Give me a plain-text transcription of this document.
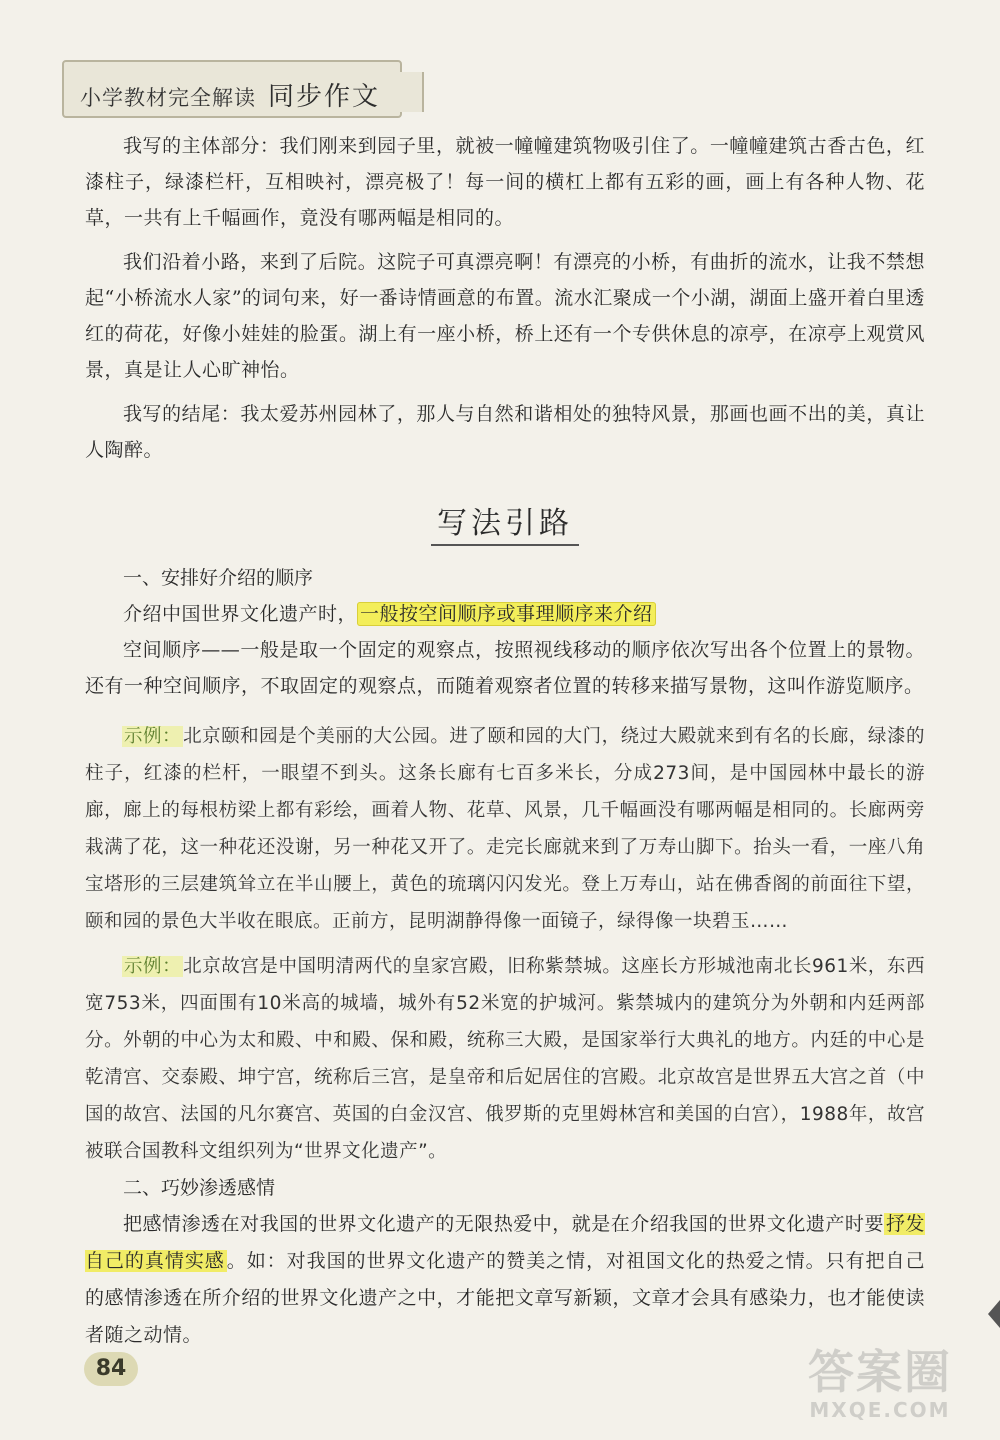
小学教材完全解读 同步作文

我写的主体部分：我们刚来到园子里，就被一幢幢建筑物吸引住了。一幢幢建筑古香古色，红漆柱子，绿漆栏杆，互相映衬，漂亮极了！每一间的横杠上都有五彩的画，画上有各种人物、花草，一共有上千幅画作，竟没有哪两幅是相同的。

我们沿着小路，来到了后院。这院子可真漂亮啊！有漂亮的小桥，有曲折的流水，让我不禁想起“小桥流水人家”的词句来，好一番诗情画意的布置。流水汇聚成一个小湖，湖面上盛开着白里透红的荷花，好像小娃娃的脸蛋。湖上有一座小桥，桥上还有一个专供休息的凉亭，在凉亭上观赏风景，真是让人心旷神怡。

我写的结尾：我太爱苏州园林了，那人与自然和谐相处的独特风景，那画也画不出的美，真让人陶醉。

写法引路
一、安排好介绍的顺序

介绍中国世界文化遗产时， 一般按空间顺序或事理顺序来介绍

空间顺序——一般是取一个固定的观察点，按照视线移动的顺序依次写出各个位置上的景物。还有一种空间顺序，不取固定的观察点，而随着观察者位置的转移来描写景物，这叫作游览顺序。

示例： 北京颐和园是个美丽的大公园。进了颐和园的大门，绕过大殿就来到有名的长廊，绿漆的柱子，红漆的栏杆，一眼望不到头。这条长廊有七百多米长，分成273间，是中国园林中最长的游廊，廊上的每根枋梁上都有彩绘，画着人物、花草、风景，几千幅画没有哪两幅是相同的。长廊两旁栽满了花，这一种花还没谢，另一种花又开了。走完长廊就来到了万寿山脚下。抬头一看，一座八角宝塔形的三层建筑耸立在半山腰上，黄色的琉璃闪闪发光。登上万寿山，站在佛香阁的前面往下望，颐和园的景色大半收在眼底。正前方，昆明湖静得像一面镜子，绿得像一块碧玉……

示例： 北京故宫是中国明清两代的皇家宫殿，旧称紫禁城。这座长方形城池南北长961米，东西宽753米，四面围有10米高的城墙，城外有52米宽的护城河。紫禁城内的建筑分为外朝和内廷两部分。外朝的中心为太和殿、中和殿、保和殿，统称三大殿，是国家举行大典礼的地方。内廷的中心是乾清宫、交泰殿、坤宁宫，统称后三宫，是皇帝和后妃居住的宫殿。北京故宫是世界五大宫之首（中国的故宫、法国的凡尔赛宫、英国的白金汉宫、俄罗斯的克里姆林宫和美国的白宫），1988年，故宫被联合国教科文组织列为“世界文化遗产”。

二、巧妙渗透感情

把感情渗透在对我国的世界文化遗产的无限热爱中，就是在介绍我国的世界文化遗产时要 抒发自己的真情实感 。如：对我国的世界文化遗产的赞美之情，对祖国文化的热爱之情。只有把自己的感情渗透在所介绍的世界文化遗产之中，才能把文章写新颖，文章才会具有感染力，也才能使读者随之动情。

84	答案圈
MXQE.COM
